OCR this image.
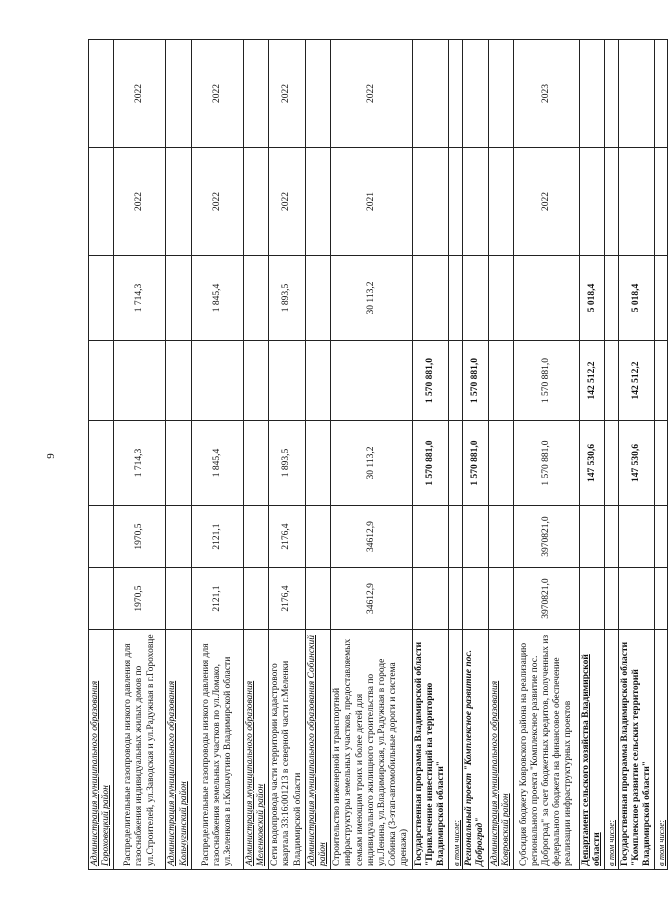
9
Администрация муниципального образования Гороховецкий район							
Распределительные газопроводы низкого давления для газоснабжения индивидуальных жилых домов по ул.Строителей, ул.Заводская и ул.Радужная в г.Гороховце	1970,5	1970,5	1 714,3		1 714,3	2022	2022
Администрация муниципального образования Кольчугинский район							
Распределительные газопроводы низкого давления для газоснабжения земельных участков по ул.Ломако, ул.Зеленкова в г.Кольчугино Владимирской области	2121,1	2121,1	1 845,4		1 845,4	2022	2022
Администрация муниципального образования Меленковский район							
Сети водопровода части территории кадастрового квартала 33:16:001213 в северной части г.Меленки Владимирской области	2176,4	2176,4	1 893,5		1 893,5	2022	2022
Администрация муниципального образования Собинский район							
Строительство инженерной и транспортной инфраструктуры земельных участков, предоставляемых семьям имеющим троих и более детей для индивидуального жилищного строительства по ул.Ленина, ул.Владимирская, ул.Радужная в городе Собинка (3-этап-автомобильные дороги и система дренажа)	34612,9	34612,9	30 113,2		30 113,2	2021	2022
Государственная программа Владимирской области "Привлечение инвестиций на территорию Владимирской области"			1 570 881,0	1 570 881,0			
в том числе:							
Региональный проект "Комплексное развитие пос. Доброград"			1 570 881,0	1 570 881,0			
Администрация муниципального образования Ковровский район							
Субсидия бюджету Ковровского района на реализацию регионального проекта "Комплексное развитие пос. Доброград" за счет бюджетных кредитов, полученных из федерального бюджета на финансовое обеспечение реализации инфраструктурных проектов	3970821,0	3970821,0	1 570 881,0	1 570 881,0		2022	2023
Департамент сельского хозяйства Владимирской области			147 530,6	142 512,2	5 018,4		
в том числе:							
Государственная программа Владимирской области "Комплексное развитие сельских территорий Владимирской области"			147 530,6	142 512,2	5 018,4		
в том числе:							
